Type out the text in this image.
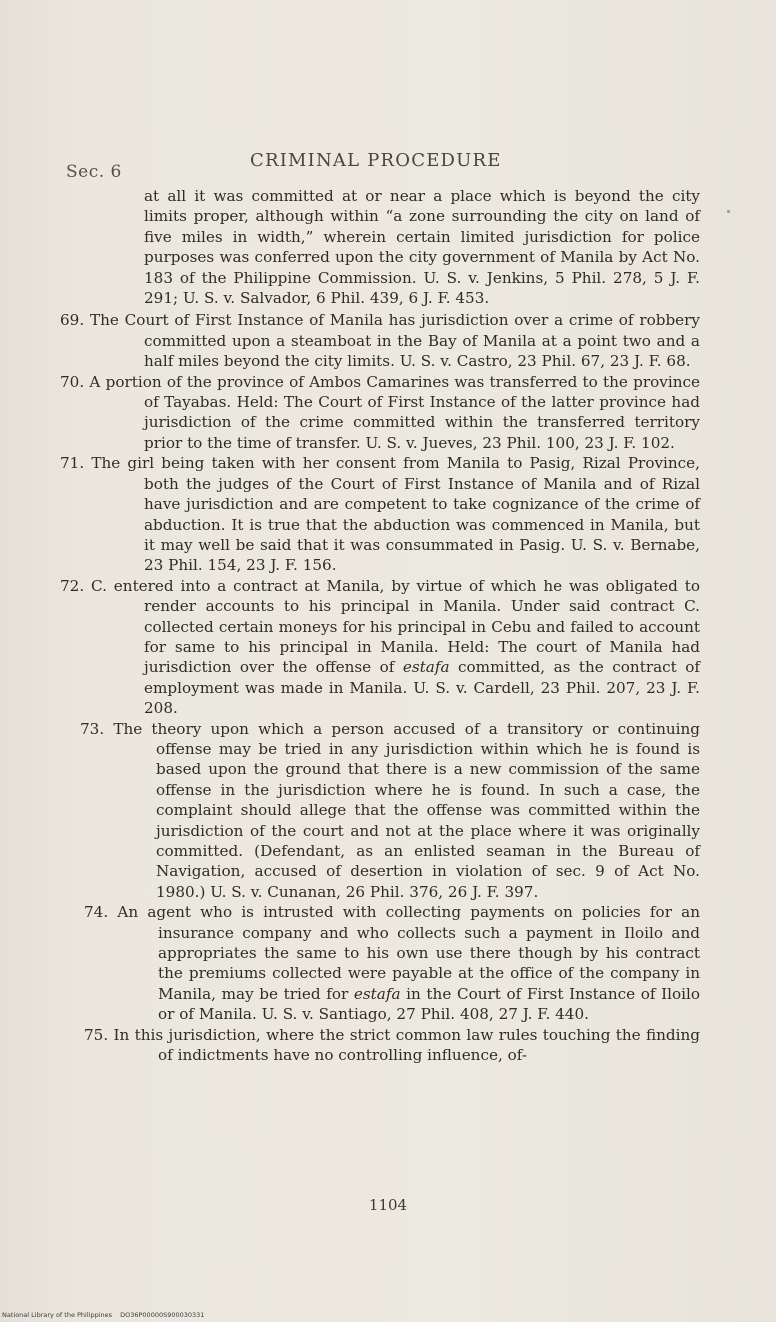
Sec. 6
CRIMINAL PROCEDURE

at all it was committed at or near a place which is beyond the city limits proper, although within “a zone surrounding the city on land of five miles in width,” wherein certain limited jurisdiction for police purposes was conferred upon the city government of Manila by Act No. 183 of the Philippine Commission. U. S. v. Jenkins, 5 Phil. 278, 5 J. F. 291; U. S. v. Salvador, 6 Phil. 439, 6 J. F. 453.

69. The Court of First Instance of Manila has jurisdiction over a crime of robbery committed upon a steamboat in the Bay of Manila at a point two and a half miles beyond the city limits. U. S. v. Castro, 23 Phil. 67, 23 J. F. 68.

70. A portion of the province of Ambos Camarines was transferred to the province of Tayabas. Held: The Court of First Instance of the latter province had jurisdiction of the crime committed within the transferred territory prior to the time of transfer. U. S. v. Jueves, 23 Phil. 100, 23 J. F. 102.

71. The girl being taken with her consent from Manila to Pasig, Rizal Province, both the judges of the Court of First Instance of Manila and of Rizal have jurisdiction and are competent to take cognizance of the crime of abduction. It is true that the abduction was commenced in Manila, but it may well be said that it was consummated in Pasig. U. S. v. Bernabe, 23 Phil. 154, 23 J. F. 156.

72. C. entered into a contract at Manila, by virtue of which he was obligated to render accounts to his principal in Manila. Under said contract C. collected certain moneys for his principal in Cebu and failed to account for same to his principal in Manila. Held: The court of Manila had jurisdiction over the offense of estafa committed, as the contract of employment was made in Manila. U. S. v. Cardell, 23 Phil. 207, 23 J. F. 208.

73. The theory upon which a person accused of a transitory or continuing offense may be tried in any jurisdiction within which he is found is based upon the ground that there is a new commission of the same offense in the jurisdiction where he is found. In such a case, the complaint should allege that the offense was committed within the jurisdiction of the court and not at the place where it was originally committed. (Defendant, as an enlisted seaman in the Bureau of Navigation, accused of desertion in violation of sec. 9 of Act No. 1980.) U. S. v. Cunanan, 26 Phil. 376, 26 J. F. 397.

74. An agent who is intrusted with collecting payments on policies for an insurance company and who collects such a payment in Iloilo and appropriates the same to his own use there though by his contract the premiums collected were payable at the office of the company in Manila, may be tried for estafa in the Court of First Instance of Iloilo or of Manila. U. S. v. Santiago, 27 Phil. 408, 27 J. F. 440.

75. In this jurisdiction, where the strict common law rules touching the finding of indictments have no controlling influence, of-

1104
National Library of the Philippines DO36P00000S900030331
